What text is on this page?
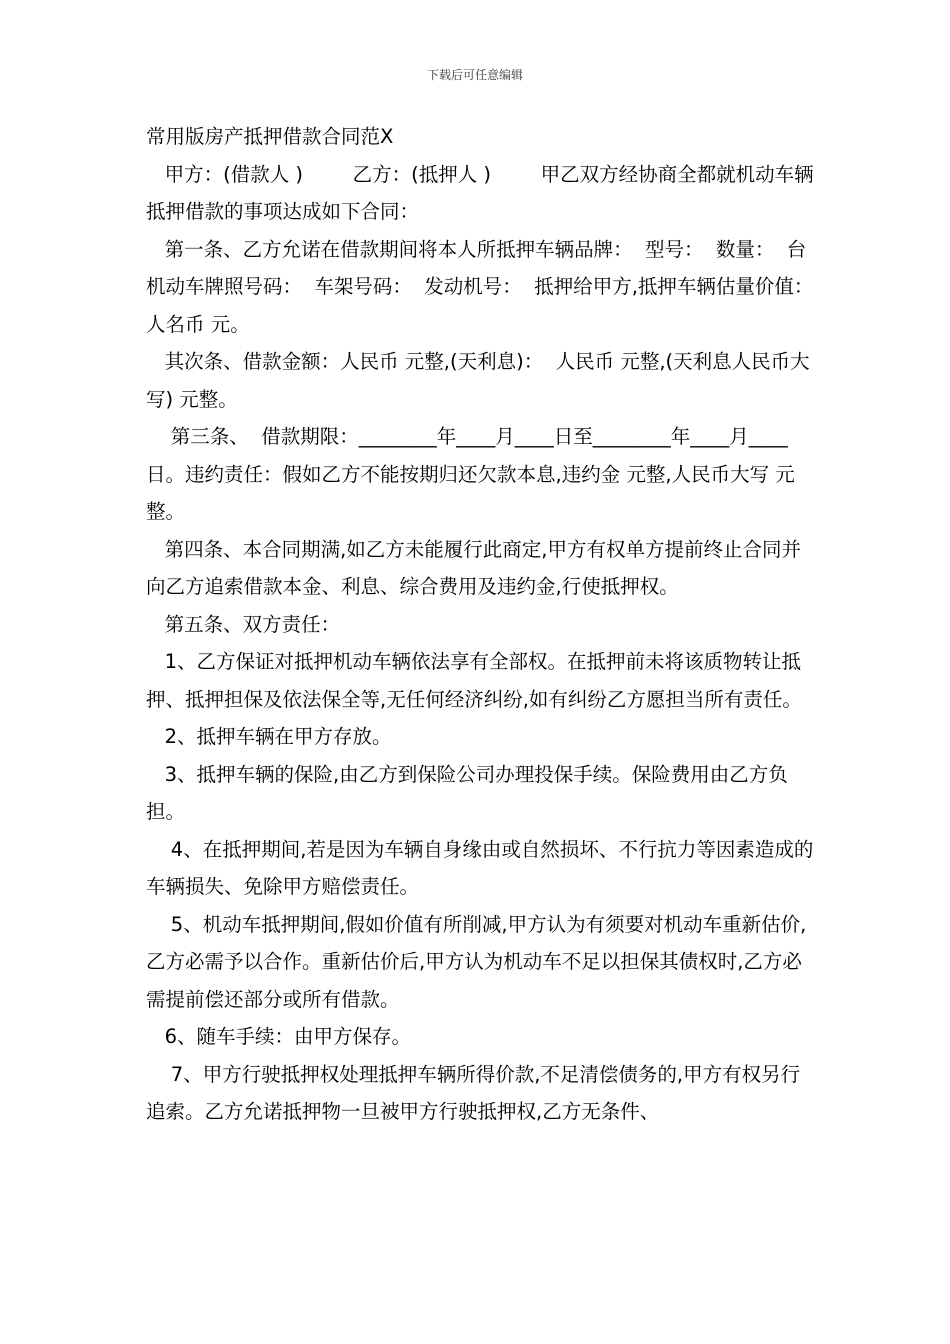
下载后可任意编辑

常用版房产抵押借款合同范X

甲方：(借款人 )        乙方：(抵押人 )        甲乙双方经协商全都就机动车辆抵押借款的事项达成如下合同：

第一条、乙方允诺在借款期间将本人所抵押车辆品牌：  型号：  数量：  台机动车牌照号码：  车架号码：  发动机号：  抵押给甲方,抵押车辆估量价值：人名币 元。

其次条、借款金额：人民币 元整,(天利息)：  人民币 元整,(天利息人民币大写) 元整。

第三条、  借款期限：________年____月____日至________年____月____日。违约责任：假如乙方不能按期归还欠款本息,违约金 元整,人民币大写 元整。

第四条、本合同期满,如乙方未能履行此商定,甲方有权单方提前终止合同并向乙方追索借款本金、利息、综合费用及违约金,行使抵押权。

第五条、双方责任：

1、乙方保证对抵押机动车辆依法享有全部权。在抵押前未将该质物转让抵押、抵押担保及依法保全等,无任何经济纠纷,如有纠纷乙方愿担当所有责任。

2、抵押车辆在甲方存放。

3、抵押车辆的保险,由乙方到保险公司办理投保手续。保险费用由乙方负担。

4、在抵押期间,若是因为车辆自身缘由或自然损坏、不行抗力等因素造成的车辆损失、免除甲方赔偿责任。

5、机动车抵押期间,假如价值有所削减,甲方认为有须要对机动车重新估价,乙方必需予以合作。重新估价后,甲方认为机动车不足以担保其债权时,乙方必需提前偿还部分或所有借款。

6、随车手续：由甲方保存。

7、甲方行驶抵押权处理抵押车辆所得价款,不足清偿债务的,甲方有权另行追索。乙方允诺抵押物一旦被甲方行驶抵押权,乙方无条件、
